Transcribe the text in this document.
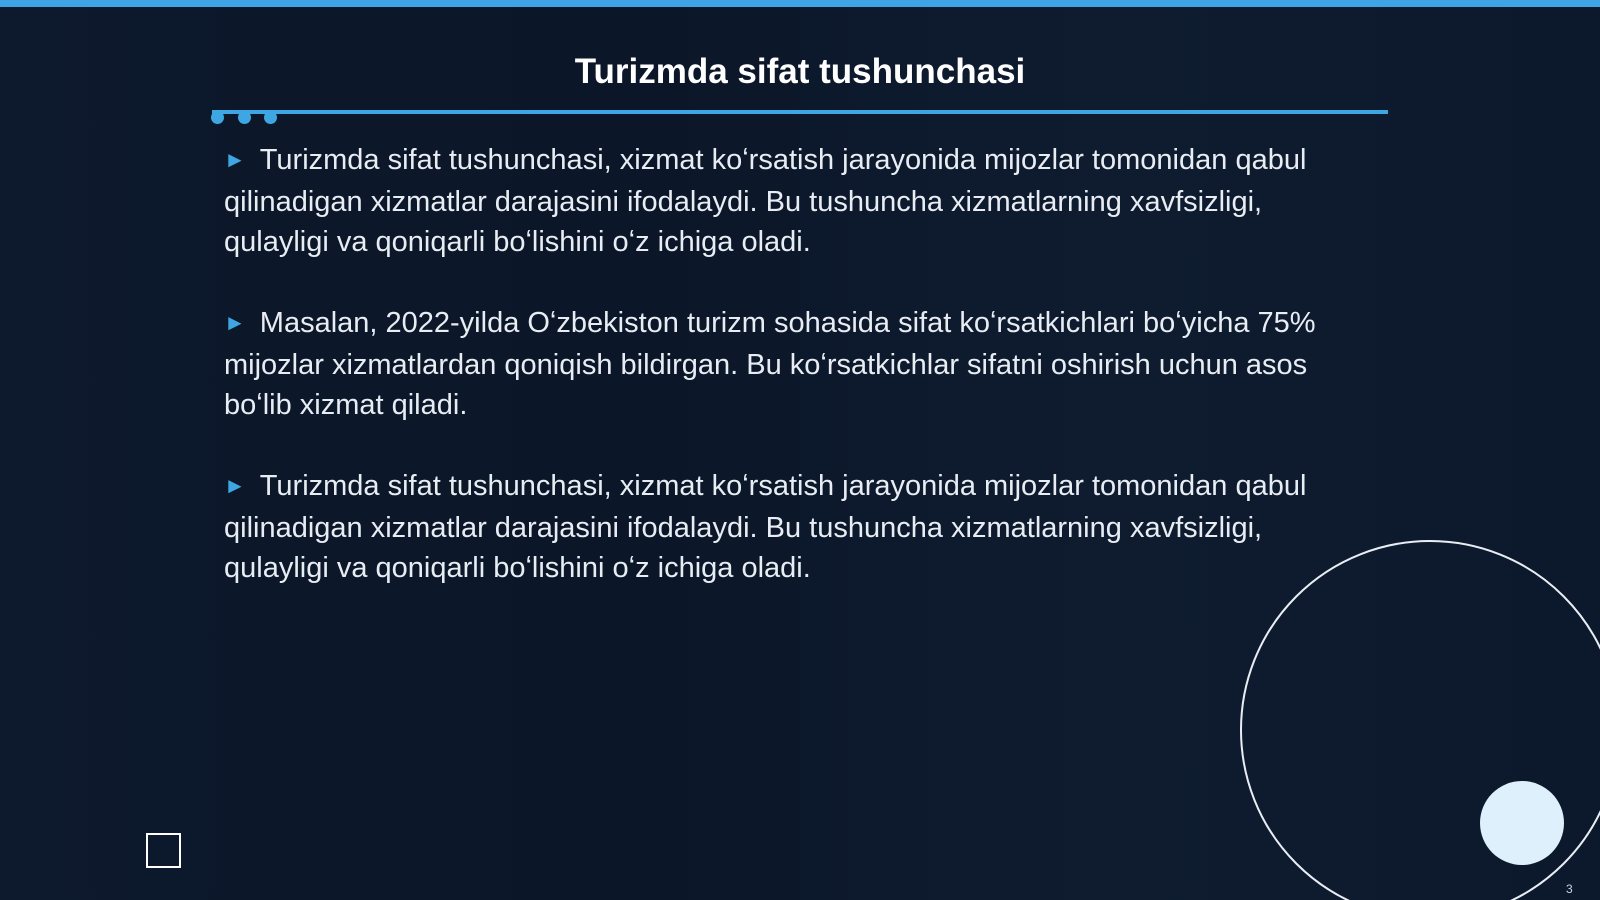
Turizmda sifat tushunchasi

► Turizmda sifat tushunchasi, xizmat koʻrsatish jarayonida mijozlar tomonidan qabul qilinadigan xizmatlar darajasini ifodalaydi. Bu tushuncha xizmatlarning xavfsizligi, qulayligi va qoniqarli boʻlishini oʻz ichiga oladi.

► Masalan, 2022-yilda Oʻzbekiston turizm sohasida sifat koʻrsatkichlari boʻyicha 75% mijozlar xizmatlardan qoniqish bildirgan. Bu koʻrsatkichlar sifatni oshirish uchun asos boʻlib xizmat qiladi.

► Turizmda sifat tushunchasi, xizmat koʻrsatish jarayonida mijozlar tomonidan qabul qilinadigan xizmatlar darajasini ifodalaydi. Bu tushuncha xizmatlarning xavfsizligi, qulayligi va qoniqarli boʻlishini oʻz ichiga oladi.

3
